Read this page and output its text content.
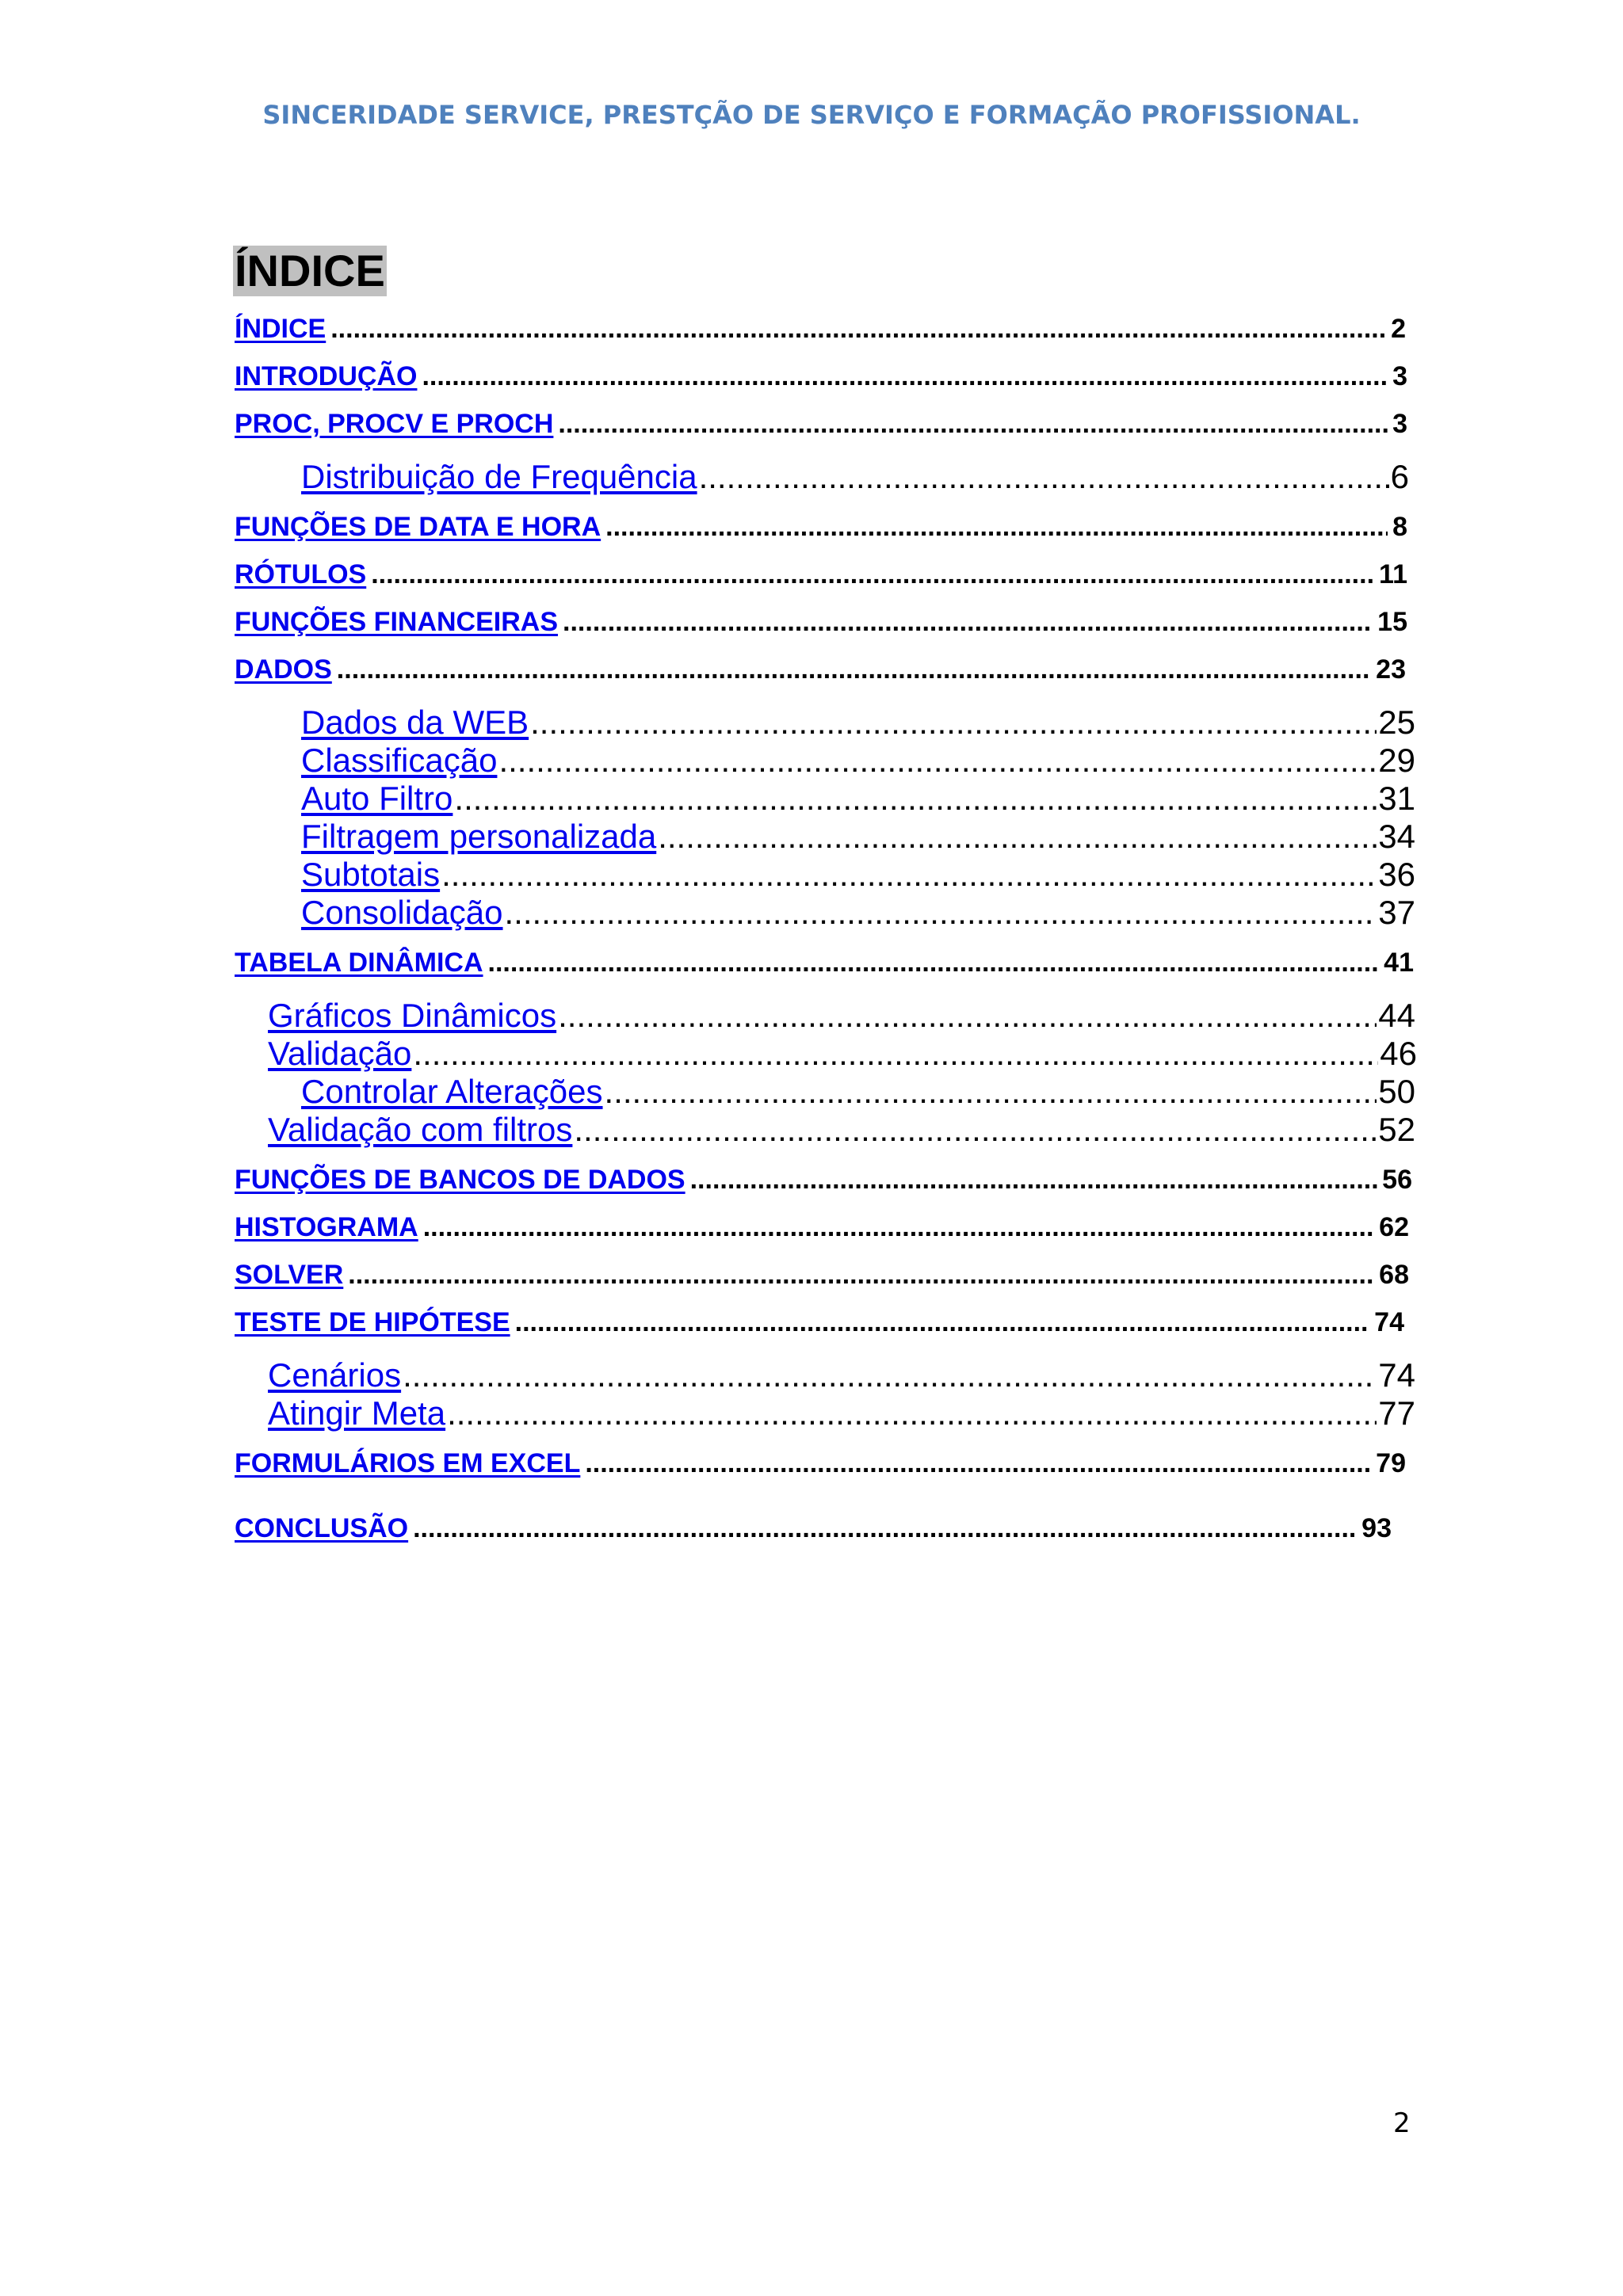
SINCERIDADE SERVICE, PRESTÇÃO DE SERVIÇO E FORMAÇÃO PROFISSIONAL.
ÍNDICE
ÍNDICE .....	2
INTRODUÇÃO .....	3
PROC, PROCV E PROCH .....	3
Distribuição de Frequência .....	6
FUNÇÕES DE DATA E HORA .....	8
RÓTULOS .....	11
FUNÇÕES FINANCEIRAS .....	15
DADOS .....	23
Dados da WEB .....	25
Classificação .....	29
Auto Filtro .....	31
Filtragem personalizada .....	34
Subtotais .....	36
Consolidação .....	37
TABELA DINÂMICA .....	41
Gráficos Dinâmicos .....	44
Validação .....	46
Controlar Alterações .....	50
Validação com filtros .....	52
FUNÇÕES DE BANCOS DE DADOS .....	56
HISTOGRAMA .....	62
SOLVER .....	68
TESTE DE HIPÓTESE .....	74
Cenários .....	74
Atingir Meta .....	77
FORMULÁRIOS EM EXCEL .....	79
CONCLUSÃO .....	93
2
